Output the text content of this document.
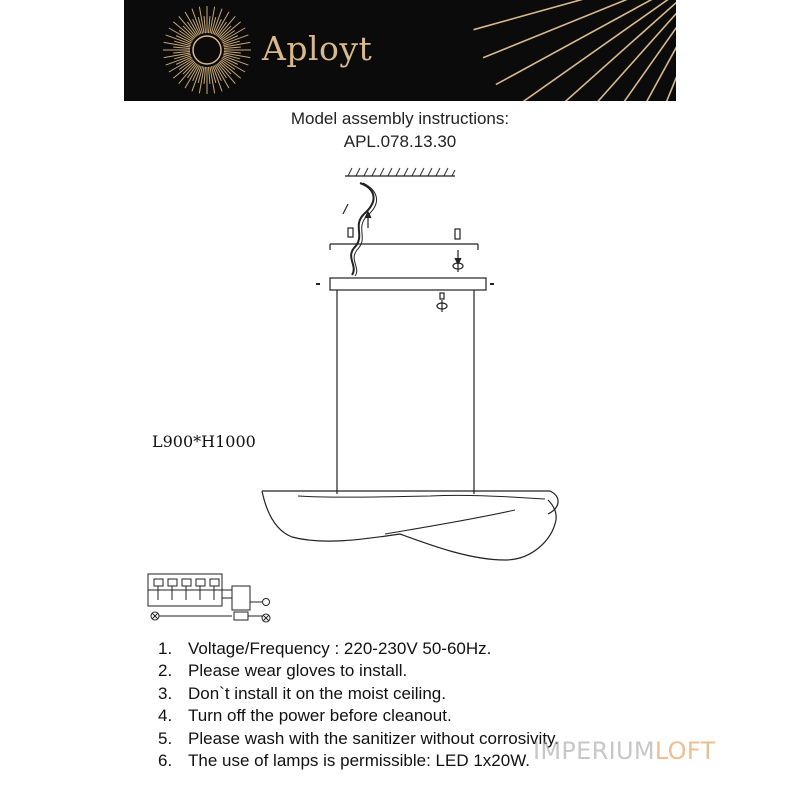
Aployt
Model assembly instructions:
APL.078.13.30
L900*H1000
1. Voltage/Frequency : 220-230V 50-60Hz.
2. Please wear gloves to install.
3. Don`t install it on the moist ceiling.
4. Turn off the power before cleanout.
5. Please wash with the sanitizer without corrosivity.
6. The use of lamps is permissible: LED 1x20W. IMPERIUMLOFT
